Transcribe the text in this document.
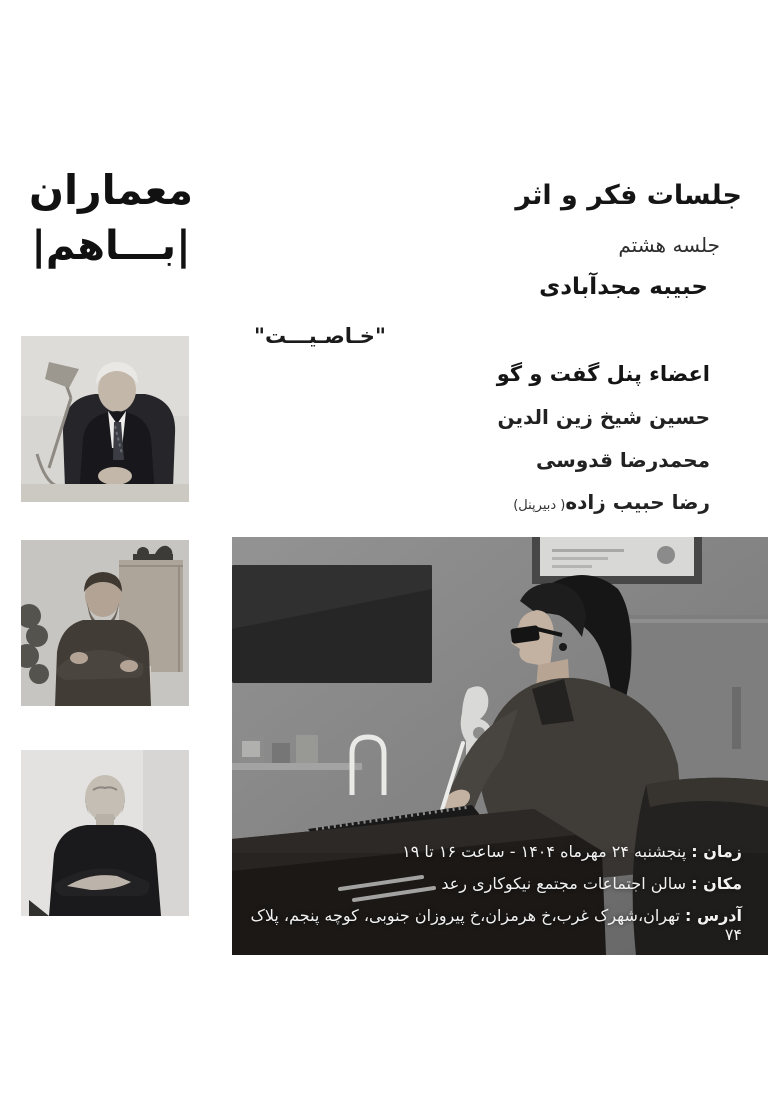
معماران
|بـــاهم|
جلسات فکر و اثر
جلسه هشتم
حبیبه مجدآبادی
"خـاصـیـــت"
اعضاء پنل گفت و گو
حسین شیخ زین الدین
محمدرضا قدوسی
رضا حبیب زاده( دبیرپنل)
زمان : پنجشنبه ۲۴ مهرماه ۱۴۰۴ - ساعت ۱۶ تا ۱۹
مکان : سالن اجتماعات مجتمع نیکوکاری رعد
آدرس : تهران،شهرک غرب،خ هرمزان،خ پیروزان جنوبی، کوچه پنجم، پلاک ۷۴
